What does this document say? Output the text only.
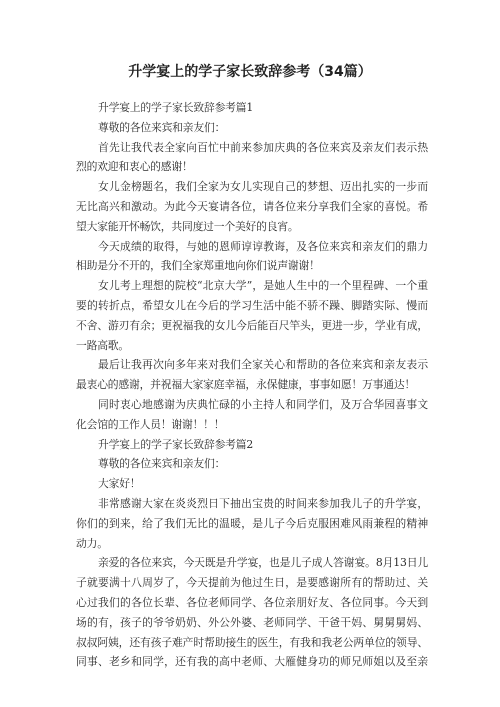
升学宴上的学子家长致辞参考（34篇）

升学宴上的学子家长致辞参考篇1

尊敬的各位来宾和亲友们：

首先让我代表全家向百忙中前来参加庆典的各位来宾及亲友们表示热
烈的欢迎和衷心的感谢！

女儿金榜题名，我们全家为女儿实现自己的梦想、迈出扎实的一步而
无比高兴和激动。为此今天宴请各位，请各位来分享我们全家的喜悦。希
望大家能开怀畅饮，共同度过一个美好的良宵。

今天成绩的取得，与她的恩师谆谆教诲，及各位来宾和亲友们的鼎力
相助是分不开的，我们全家郑重地向你们说声谢谢！

女儿考上理想的院校“北京大学”，是她人生中的一个里程碑、一个重
要的转折点，希望女儿在今后的学习生活中能不骄不躁、脚踏实际、慢而
不舍、游刃有余；更祝福我的女儿今后能百尺竿头，更进一步，学业有成，
一路高歌。

最后让我再次向多年来对我们全家关心和帮助的各位来宾和亲友表示
最衷心的感谢，并祝福大家家庭幸福，永保健康，事事如愿！万事通达！

同时衷心地感谢为庆典忙碌的小主持人和同学们，及万合华园喜事文
化会馆的工作人员！谢谢！！！

升学宴上的学子家长致辞参考篇2

尊敬的各位来宾和亲友们：

大家好！

非常感谢大家在炎炎烈日下抽出宝贵的时间来参加我儿子的升学宴，
你们的到来，给了我们无比的温暖，是儿子今后克服困难风雨兼程的精神
动力。

亲爱的各位来宾，今天既是升学宴，也是儿子成人答谢宴。8月13日儿
子就要满十八周岁了，今天提前为他过生日，是要感谢所有的帮助过、关
心过我们的各位长辈、各位老师同学、各位亲朋好友、各位同事。今天到
场的有，孩子的爷爷奶奶、外公外婆、老师同学、干爸干妈、舅舅舅妈、
叔叔阿姨，还有孩子难产时帮助接生的医生，有我和我老公两单位的领导、
同事、老乡和同学，还有我的高中老师、大雁健身功的师兄师姐以及至亲
